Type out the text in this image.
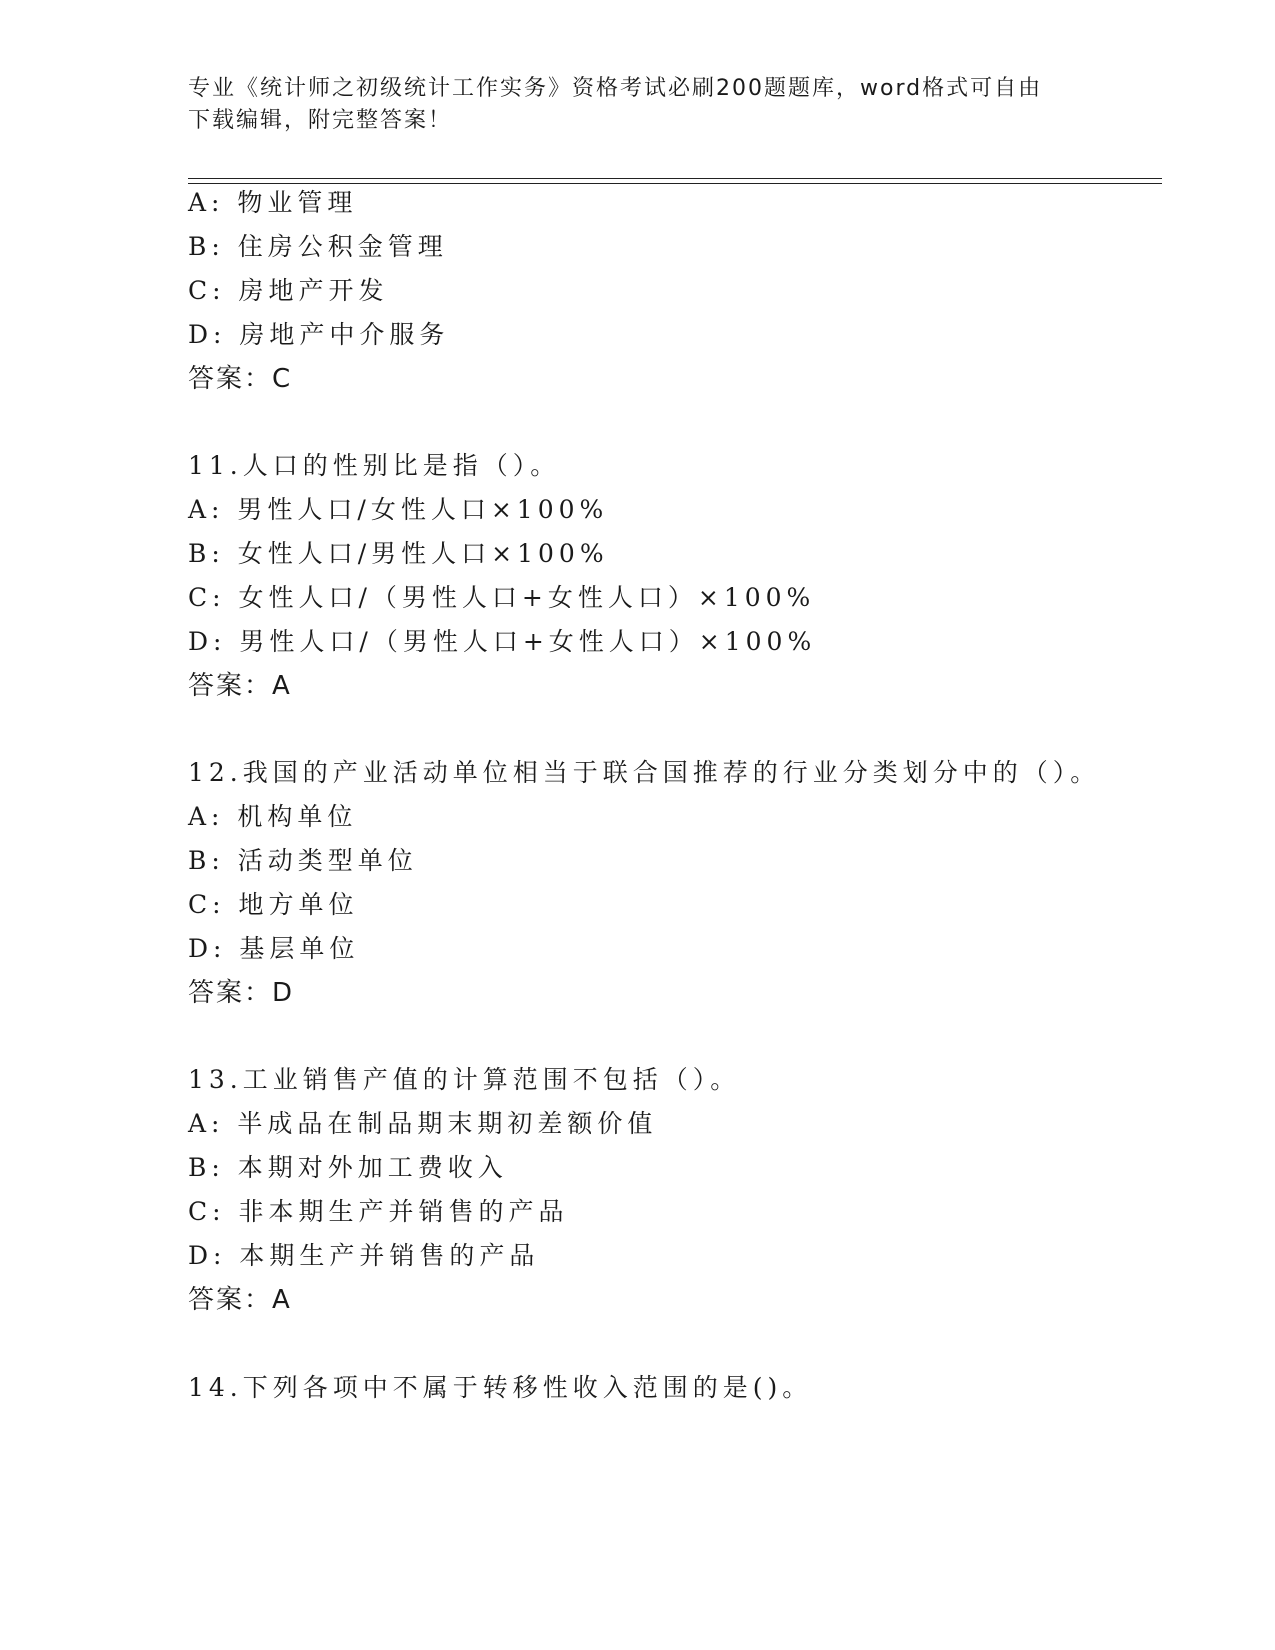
专业《统计师之初级统计工作实务》资格考试必刷200题题库，word格式可自由
下载编辑，附完整答案！
A: 物业管理
B: 住房公积金管理
C: 房地产开发
D: 房地产中介服务
答案：C
11.人口的性别比是指（）。
A: 男性人口/女性人口×100%
B: 女性人口/男性人口×100%
C: 女性人口/（男性人口+女性人口）×100%
D: 男性人口/（男性人口+女性人口）×100%
答案：A
12.我国的产业活动单位相当于联合国推荐的行业分类划分中的（）。
A: 机构单位
B: 活动类型单位
C: 地方单位
D: 基层单位
答案：D
13.工业销售产值的计算范围不包括（）。
A: 半成品在制品期末期初差额价值
B: 本期对外加工费收入
C: 非本期生产并销售的产品
D: 本期生产并销售的产品
答案：A
14.下列各项中不属于转移性收入范围的是()。
